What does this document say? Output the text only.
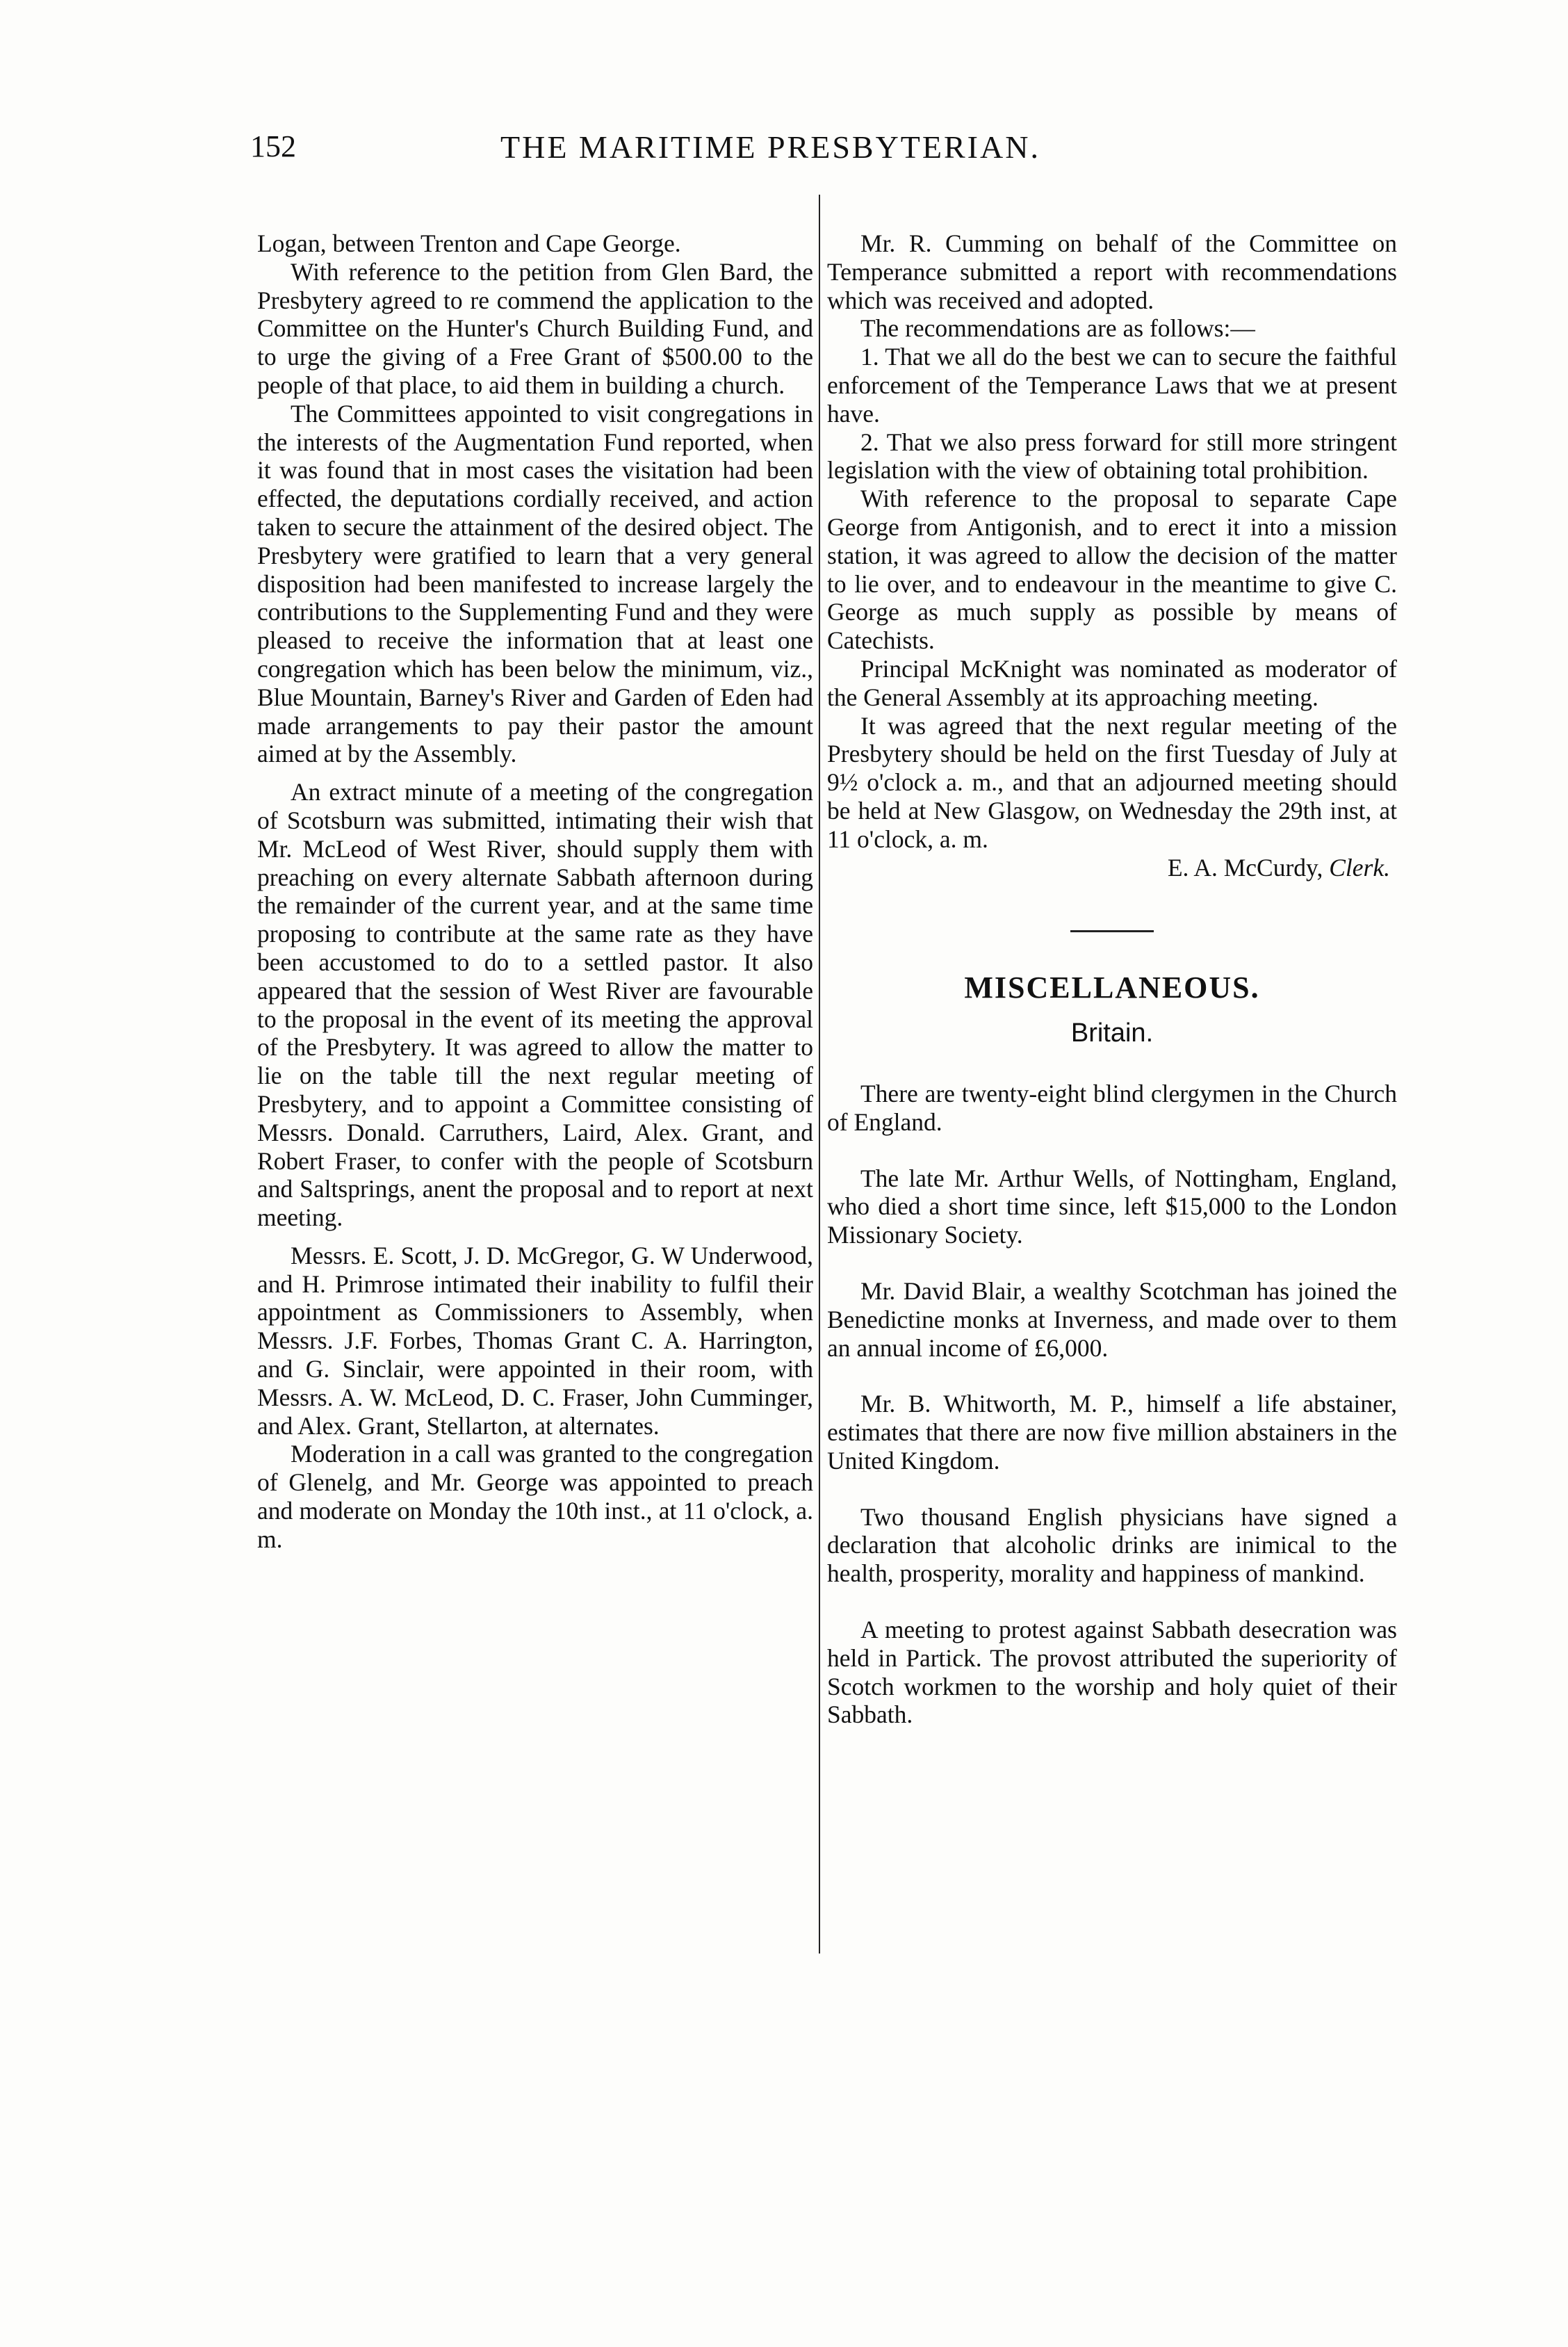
152	THE MARITIME PRESBYTERIAN.

Logan, between Trenton and Cape George.

With reference to the petition from Glen Bard, the Presbytery agreed to re commend the application to the Committee on the Hunter's Church Building Fund, and to urge the giving of a Free Grant of $500.00 to the people of that place, to aid them in building a church.

The Committees appointed to visit congregations in the interests of the Augmentation Fund reported, when it was found that in most cases the visitation had been effected, the deputations cordially received, and action taken to secure the attainment of the desired object. The Presbytery were gratified to learn that a very general disposition had been manifested to increase largely the contributions to the Supplementing Fund and they were pleased to receive the information that at least one congregation which has been below the minimum, viz., Blue Mountain, Barney's River and Garden of Eden had made arrangements to pay their pastor the amount aimed at by the Assembly.

An extract minute of a meeting of the congregation of Scotsburn was submitted, intimating their wish that Mr. McLeod of West River, should supply them with preaching on every alternate Sabbath afternoon during the remainder of the current year, and at the same time proposing to contribute at the same rate as they have been accustomed to do to a settled pastor. It also appeared that the session of West River are favourable to the proposal in the event of its meeting the approval of the Presbytery. It was agreed to allow the matter to lie on the table till the next regular meeting of Presbytery, and to appoint a Committee consisting of Messrs. Donald. Carruthers, Laird, Alex. Grant, and Robert Fraser, to confer with the people of Scotsburn and Saltsprings, anent the proposal and to report at next meeting.

Messrs. E. Scott, J. D. McGregor, G. W Underwood, and H. Primrose intimated their inability to fulfil their appointment as Commissioners to Assembly, when Messrs. J.F. Forbes, Thomas Grant C. A. Harrington, and G. Sinclair, were appointed in their room, with Messrs. A. W. McLeod, D. C. Fraser, John Cumminger, and Alex. Grant, Stellarton, at alternates.

Moderation in a call was granted to the congregation of Glenelg, and Mr. George was appointed to preach and moderate on Monday the 10th inst., at 11 o'clock, a. m.

Mr. R. Cumming on behalf of the Committee on Temperance submitted a report with recommendations which was received and adopted.

The recommendations are as follows:—

1. That we all do the best we can to secure the faithful enforcement of the Temperance Laws that we at present have.

2. That we also press forward for still more stringent legislation with the view of obtaining total prohibition.

With reference to the proposal to separate Cape George from Antigonish, and to erect it into a mission station, it was agreed to allow the decision of the matter to lie over, and to endeavour in the meantime to give C. George as much supply as possible by means of Catechists.

Principal McKnight was nominated as moderator of the General Assembly at its approaching meeting.

It was agreed that the next regular meeting of the Presbytery should be held on the first Tuesday of July at 9½ o'clock a. m., and that an adjourned meeting should be held at New Glasgow, on Wednesday the 29th inst, at 11 o'clock, a. m.

E. A. McCurdy, Clerk.
MISCELLANEOUS.
Britain.

There are twenty-eight blind clergymen in the Church of England.

The late Mr. Arthur Wells, of Nottingham, England, who died a short time since, left $15,000 to the London Missionary Society.

Mr. David Blair, a wealthy Scotchman has joined the Benedictine monks at Inverness, and made over to them an annual income of £6,000.

Mr. B. Whitworth, M. P., himself a life abstainer, estimates that there are now five million abstainers in the United Kingdom.

Two thousand English physicians have signed a declaration that alcoholic drinks are inimical to the health, prosperity, morality and happiness of mankind.

A meeting to protest against Sabbath desecration was held in Partick. The provost attributed the superiority of Scotch workmen to the worship and holy quiet of their Sabbath.
